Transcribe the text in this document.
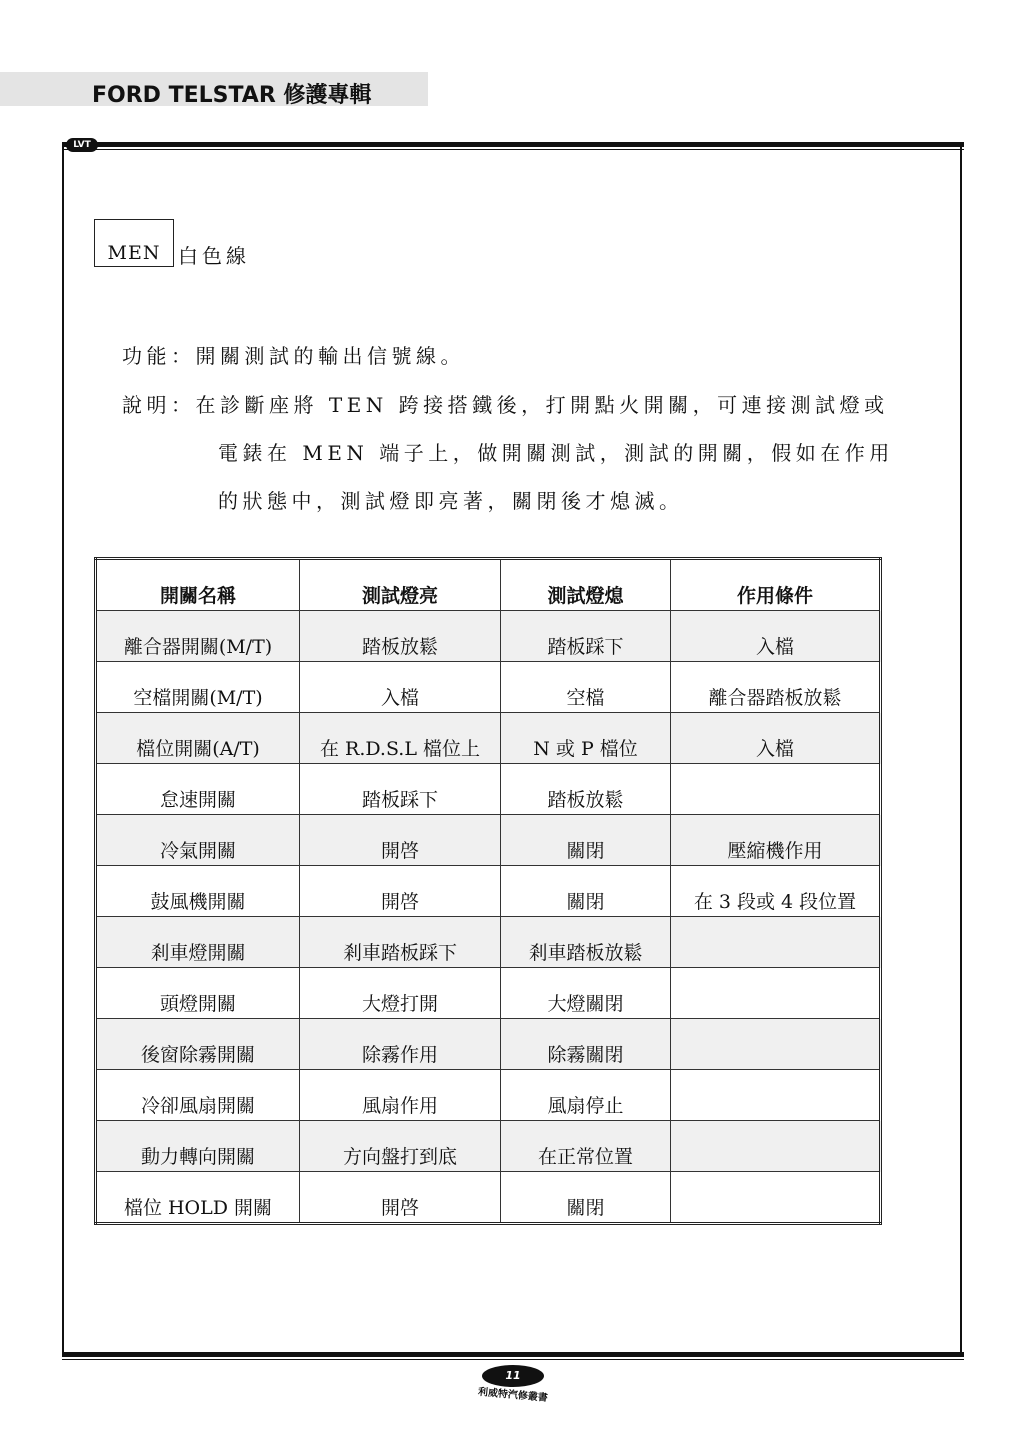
FORD TELSTAR 修護專輯
LVT
MEN 白色線
功能：開關測試的輸出信號線。
說明：在診斷座將 TEN 跨接搭鐵後，打開點火開關，可連接測試燈或
電錶在 MEN 端子上，做開關測試，測試的開關，假如在作用
的狀態中，測試燈即亮著，關閉後才熄滅。
開關名稱	測試燈亮	測試燈熄	作用條件
離合器開關(M/T)	踏板放鬆	踏板踩下	入檔
空檔開關(M/T)	入檔	空檔	離合器踏板放鬆
檔位開關(A/T)	在 R.D.S.L 檔位上	N 或 P 檔位	入檔
怠速開關	踏板踩下	踏板放鬆	
冷氣開關	開啓	關閉	壓縮機作用
鼓風機開關	開啓	關閉	在 3 段或 4 段位置
剎車燈開關	剎車踏板踩下	剎車踏板放鬆	
頭燈開關	大燈打開	大燈關閉	
後窗除霧開關	除霧作用	除霧關閉	
冷卻風扇開關	風扇作用	風扇停止	
動力轉向開關	方向盤打到底	在正常位置	
檔位 HOLD 開關	開啓	關閉	
11
利威特汽修叢書
